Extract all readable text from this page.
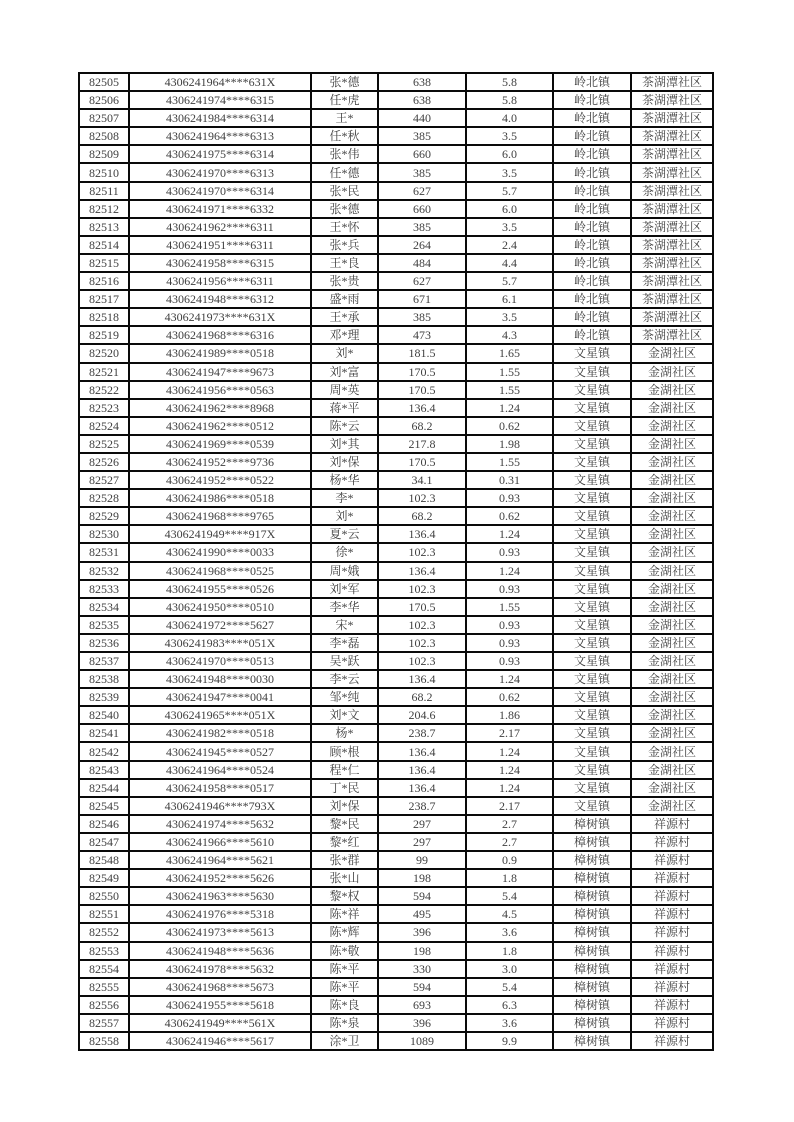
82505	4306241964****631X	张*德	638	5.8	岭北镇	茶湖潭社区
82506	4306241974****6315	任*虎	638	5.8	岭北镇	茶湖潭社区
82507	4306241984****6314	王*	440	4.0	岭北镇	茶湖潭社区
82508	4306241964****6313	任*秋	385	3.5	岭北镇	茶湖潭社区
82509	4306241975****6314	张*伟	660	6.0	岭北镇	茶湖潭社区
82510	4306241970****6313	任*德	385	3.5	岭北镇	茶湖潭社区
82511	4306241970****6314	张*民	627	5.7	岭北镇	茶湖潭社区
82512	4306241971****6332	张*德	660	6.0	岭北镇	茶湖潭社区
82513	4306241962****6311	王*怀	385	3.5	岭北镇	茶湖潭社区
82514	4306241951****6311	张*兵	264	2.4	岭北镇	茶湖潭社区
82515	4306241958****6315	王*良	484	4.4	岭北镇	茶湖潭社区
82516	4306241956****6311	张*贵	627	5.7	岭北镇	茶湖潭社区
82517	4306241948****6312	盛*雨	671	6.1	岭北镇	茶湖潭社区
82518	4306241973****631X	王*承	385	3.5	岭北镇	茶湖潭社区
82519	4306241968****6316	邓*理	473	4.3	岭北镇	茶湖潭社区
82520	4306241989****0518	刘*	181.5	1.65	文星镇	金湖社区
82521	4306241947****9673	刘*富	170.5	1.55	文星镇	金湖社区
82522	4306241956****0563	周*英	170.5	1.55	文星镇	金湖社区
82523	4306241962****8968	蒋*平	136.4	1.24	文星镇	金湖社区
82524	4306241962****0512	陈*云	68.2	0.62	文星镇	金湖社区
82525	4306241969****0539	刘*其	217.8	1.98	文星镇	金湖社区
82526	4306241952****9736	刘*保	170.5	1.55	文星镇	金湖社区
82527	4306241952****0522	杨*华	34.1	0.31	文星镇	金湖社区
82528	4306241986****0518	李*	102.3	0.93	文星镇	金湖社区
82529	4306241968****9765	刘*	68.2	0.62	文星镇	金湖社区
82530	4306241949****917X	夏*云	136.4	1.24	文星镇	金湖社区
82531	4306241990****0033	徐*	102.3	0.93	文星镇	金湖社区
82532	4306241968****0525	周*娥	136.4	1.24	文星镇	金湖社区
82533	4306241955****0526	刘*军	102.3	0.93	文星镇	金湖社区
82534	4306241950****0510	李*华	170.5	1.55	文星镇	金湖社区
82535	4306241972****5627	宋*	102.3	0.93	文星镇	金湖社区
82536	4306241983****051X	李*磊	102.3	0.93	文星镇	金湖社区
82537	4306241970****0513	吴*跃	102.3	0.93	文星镇	金湖社区
82538	4306241948****0030	李*云	136.4	1.24	文星镇	金湖社区
82539	4306241947****0041	邹*纯	68.2	0.62	文星镇	金湖社区
82540	4306241965****051X	刘*文	204.6	1.86	文星镇	金湖社区
82541	4306241982****0518	杨*	238.7	2.17	文星镇	金湖社区
82542	4306241945****0527	顾*根	136.4	1.24	文星镇	金湖社区
82543	4306241964****0524	程*仁	136.4	1.24	文星镇	金湖社区
82544	4306241958****0517	丁*民	136.4	1.24	文星镇	金湖社区
82545	4306241946****793X	刘*保	238.7	2.17	文星镇	金湖社区
82546	4306241974****5632	黎*民	297	2.7	樟树镇	祥源村
82547	4306241966****5610	黎*红	297	2.7	樟树镇	祥源村
82548	4306241964****5621	张*群	99	0.9	樟树镇	祥源村
82549	4306241952****5626	张*山	198	1.8	樟树镇	祥源村
82550	4306241963****5630	黎*权	594	5.4	樟树镇	祥源村
82551	4306241976****5318	陈*祥	495	4.5	樟树镇	祥源村
82552	4306241973****5613	陈*辉	396	3.6	樟树镇	祥源村
82553	4306241948****5636	陈*敬	198	1.8	樟树镇	祥源村
82554	4306241978****5632	陈*平	330	3.0	樟树镇	祥源村
82555	4306241968****5673	陈*平	594	5.4	樟树镇	祥源村
82556	4306241955****5618	陈*良	693	6.3	樟树镇	祥源村
82557	4306241949****561X	陈*泉	396	3.6	樟树镇	祥源村
82558	4306241946****5617	涂*卫	1089	9.9	樟树镇	祥源村
